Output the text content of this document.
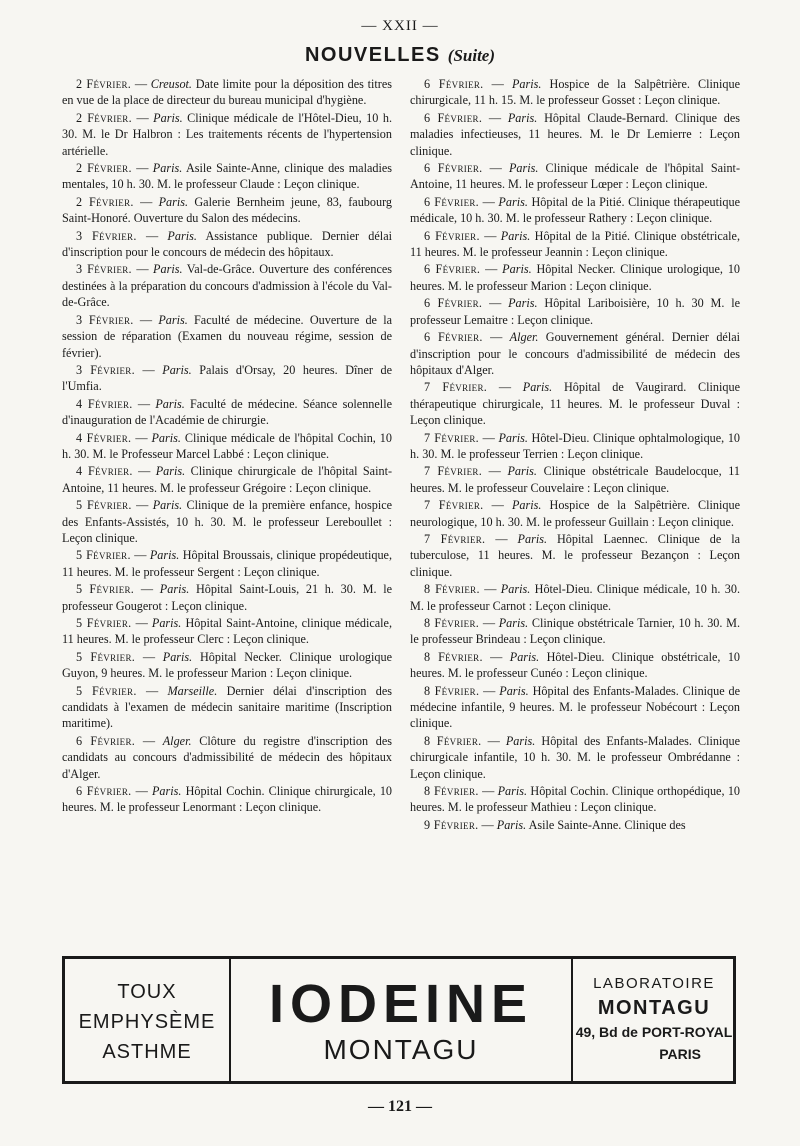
— XXII —
NOUVELLES (Suite)

2 Février. — Creusot. Date limite pour la déposition des titres en vue de la place de directeur du bureau municipal d'hygiène.

2 Février. — Paris. Clinique médicale de l'Hôtel-Dieu, 10 h. 30. M. le Dr Halbron : Les traitements récents de l'hypertension artérielle.

2 Février. — Paris. Asile Sainte-Anne, clinique des maladies mentales, 10 h. 30. M. le professeur Claude : Leçon clinique.

2 Février. — Paris. Galerie Bernheim jeune, 83, faubourg Saint-Honoré. Ouverture du Salon des médecins.

3 Février. — Paris. Assistance publique. Dernier délai d'inscription pour le concours de médecin des hôpitaux.

3 Février. — Paris. Val-de-Grâce. Ouverture des conférences destinées à la préparation du concours d'admission à l'école du Val-de-Grâce.

3 Février. — Paris. Faculté de médecine. Ouverture de la session de réparation (Examen du nouveau régime, session de février).

3 Février. — Paris. Palais d'Orsay, 20 heures. Dîner de l'Umfia.

4 Février. — Paris. Faculté de médecine. Séance solennelle d'inauguration de l'Académie de chirurgie.

4 Février. — Paris. Clinique médicale de l'hôpital Cochin, 10 h. 30. M. le Professeur Marcel Labbé : Leçon clinique.

4 Février. — Paris. Clinique chirurgicale de l'hôpital Saint-Antoine, 11 heures. M. le professeur Grégoire : Leçon clinique.

5 Février. — Paris. Clinique de la première enfance, hospice des Enfants-Assistés, 10 h. 30. M. le professeur Lereboullet : Leçon clinique.

5 Février. — Paris. Hôpital Broussais, clinique propédeutique, 11 heures. M. le professeur Sergent : Leçon clinique.

5 Février. — Paris. Hôpital Saint-Louis, 21 h. 30. M. le professeur Gougerot : Leçon clinique.

5 Février. — Paris. Hôpital Saint-Antoine, clinique médicale, 11 heures. M. le professeur Clerc : Leçon clinique.

5 Février. — Paris. Hôpital Necker. Clinique urologique Guyon, 9 heures. M. le professeur Marion : Leçon clinique.

5 Février. — Marseille. Dernier délai d'inscription des candidats à l'examen de médecin sanitaire maritime (Inscription maritime).

6 Février. — Alger. Clôture du registre d'inscription des candidats au concours d'admissibilité de médecin des hôpitaux d'Alger.

6 Février. — Paris. Hôpital Cochin. Clinique chirurgicale, 10 heures. M. le professeur Lenormant : Leçon clinique.

6 Février. — Paris. Hospice de la Salpêtrière. Clinique chirurgicale, 11 h. 15. M. le professeur Gosset : Leçon clinique.

6 Février. — Paris. Hôpital Claude-Bernard. Clinique des maladies infectieuses, 11 heures. M. le Dr Lemierre : Leçon clinique.

6 Février. — Paris. Clinique médicale de l'hôpital Saint-Antoine, 11 heures. M. le professeur Lœper : Leçon clinique.

6 Février. — Paris. Hôpital de la Pitié. Clinique thérapeutique médicale, 10 h. 30. M. le professeur Rathery : Leçon clinique.

6 Février. — Paris. Hôpital de la Pitié. Clinique obstétricale, 11 heures. M. le professeur Jeannin : Leçon clinique.

6 Février. — Paris. Hôpital Necker. Clinique urologique, 10 heures. M. le professeur Marion : Leçon clinique.

6 Février. — Paris. Hôpital Lariboisière, 10 h. 30 M. le professeur Lemaitre : Leçon clinique.

6 Février. — Alger. Gouvernement général. Dernier délai d'inscription pour le concours d'admissibilité de médecin des hôpitaux d'Alger.

7 Février. — Paris. Hôpital de Vaugirard. Clinique thérapeutique chirurgicale, 11 heures. M. le professeur Duval : Leçon clinique.

7 Février. — Paris. Hôtel-Dieu. Clinique ophtalmologique, 10 h. 30. M. le professeur Terrien : Leçon clinique.

7 Février. — Paris. Clinique obstétricale Baudelocque, 11 heures. M. le professeur Couvelaire : Leçon clinique.

7 Février. — Paris. Hospice de la Salpêtrière. Clinique neurologique, 10 h. 30. M. le professeur Guillain : Leçon clinique.

7 Février. — Paris. Hôpital Laennec. Clinique de la tuberculose, 11 heures. M. le professeur Bezançon : Leçon clinique.

8 Février. — Paris. Hôtel-Dieu. Clinique médicale, 10 h. 30. M. le professeur Carnot : Leçon clinique.

8 Février. — Paris. Clinique obstétricale Tarnier, 10 h. 30. M. le professeur Brindeau : Leçon clinique.

8 Février. — Paris. Hôtel-Dieu. Clinique obstétricale, 10 heures. M. le professeur Cunéo : Leçon clinique.

8 Février. — Paris. Hôpital des Enfants-Malades. Clinique de médecine infantile, 9 heures. M. le professeur Nobécourt : Leçon clinique.

8 Février. — Paris. Hôpital des Enfants-Malades. Clinique chirurgicale infantile, 10 h. 30. M. le professeur Ombrédanne : Leçon clinique.

8 Février. — Paris. Hôpital Cochin. Clinique orthopédique, 10 heures. M. le professeur Mathieu : Leçon clinique.

9 Février. — Paris. Asile Sainte-Anne. Clinique des

TOUX
EMPHYSÈME
ASTHME
IODEINE
MONTAGU
LABORATOIRE
MONTAGU
49, Bd de PORT-ROYAL
PARIS
— 121 —
